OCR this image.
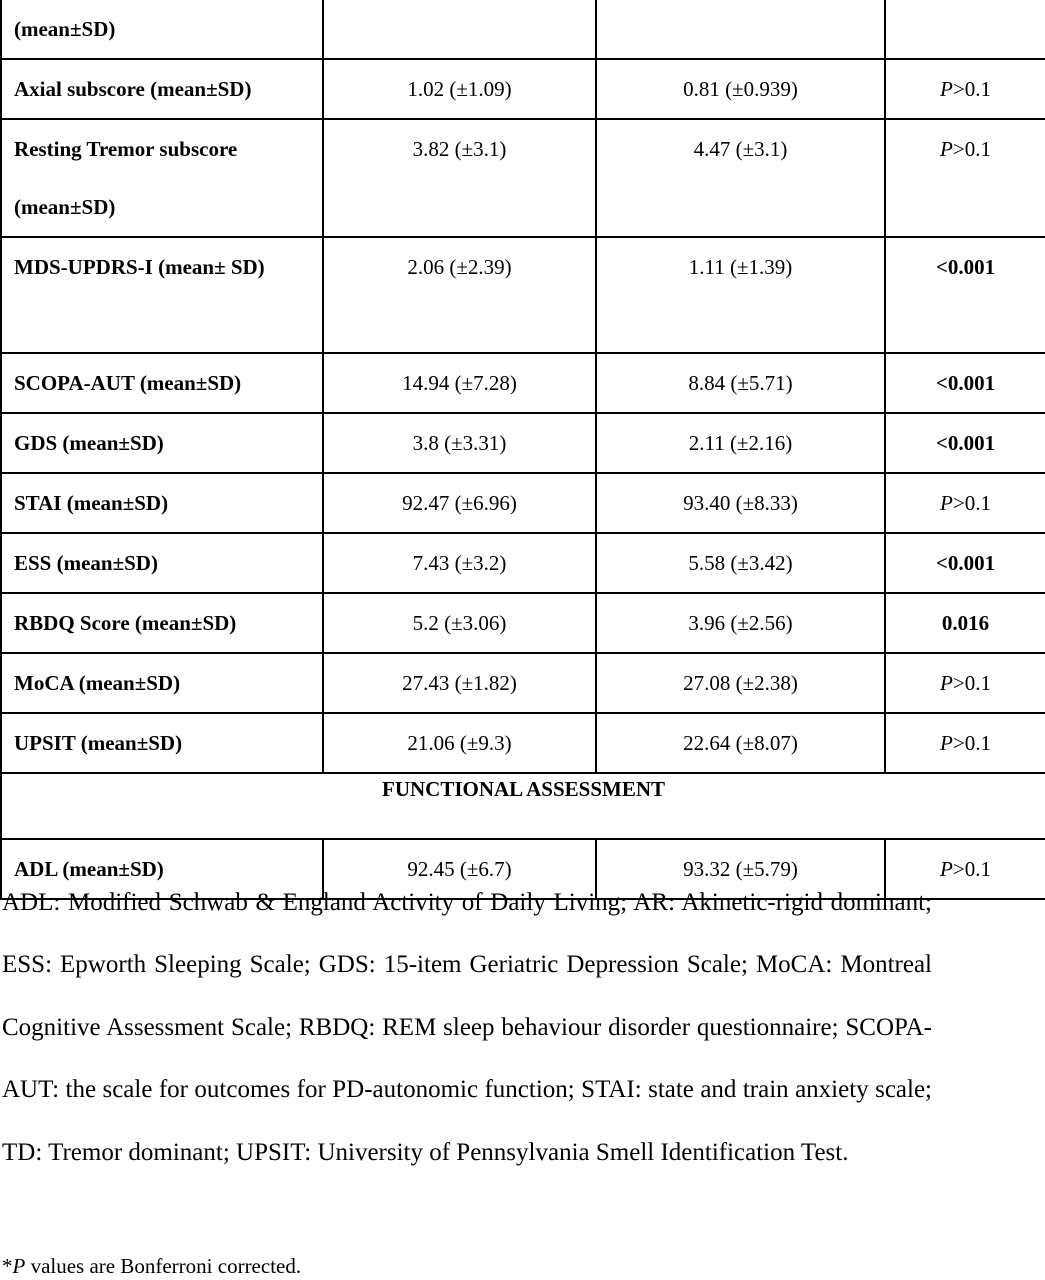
(mean±SD)			
Axial subscore (mean±SD)	1.02 (±1.09)	0.81 (±0.939)	P>0.1
Resting Tremor subscore (mean±SD)	3.82 (±3.1)	4.47 (±3.1)	P>0.1
MDS-UPDRS-I (mean± SD)	2.06 (±2.39)	1.11 (±1.39)	<0.001
SCOPA-AUT (mean±SD)	14.94 (±7.28)	8.84 (±5.71)	<0.001
GDS (mean±SD)	3.8 (±3.31)	2.11 (±2.16)	<0.001
STAI (mean±SD)	92.47 (±6.96)	93.40 (±8.33)	P>0.1
ESS (mean±SD)	7.43 (±3.2)	5.58 (±3.42)	<0.001
RBDQ Score (mean±SD)	5.2 (±3.06)	3.96 (±2.56)	0.016
MoCA (mean±SD)	27.43 (±1.82)	27.08 (±2.38)	P>0.1
UPSIT (mean±SD)	21.06 (±9.3)	22.64 (±8.07)	P>0.1
FUNCTIONAL ASSESSMENT			
ADL (mean±SD)	92.45 (±6.7)	93.32 (±5.79)	P>0.1
ADL: Modified Schwab & England Activity of Daily Living; AR: Akinetic-rigid dominant; ESS: Epworth Sleeping Scale; GDS: 15-item Geriatric Depression Scale; MoCA: Montreal Cognitive Assessment Scale; RBDQ: REM sleep behaviour disorder questionnaire; SCOPA-AUT: the scale for outcomes for PD-autonomic function; STAI: state and train anxiety scale; TD: Tremor dominant; UPSIT: University of Pennsylvania Smell Identification Test.
*P values are Bonferroni corrected.
